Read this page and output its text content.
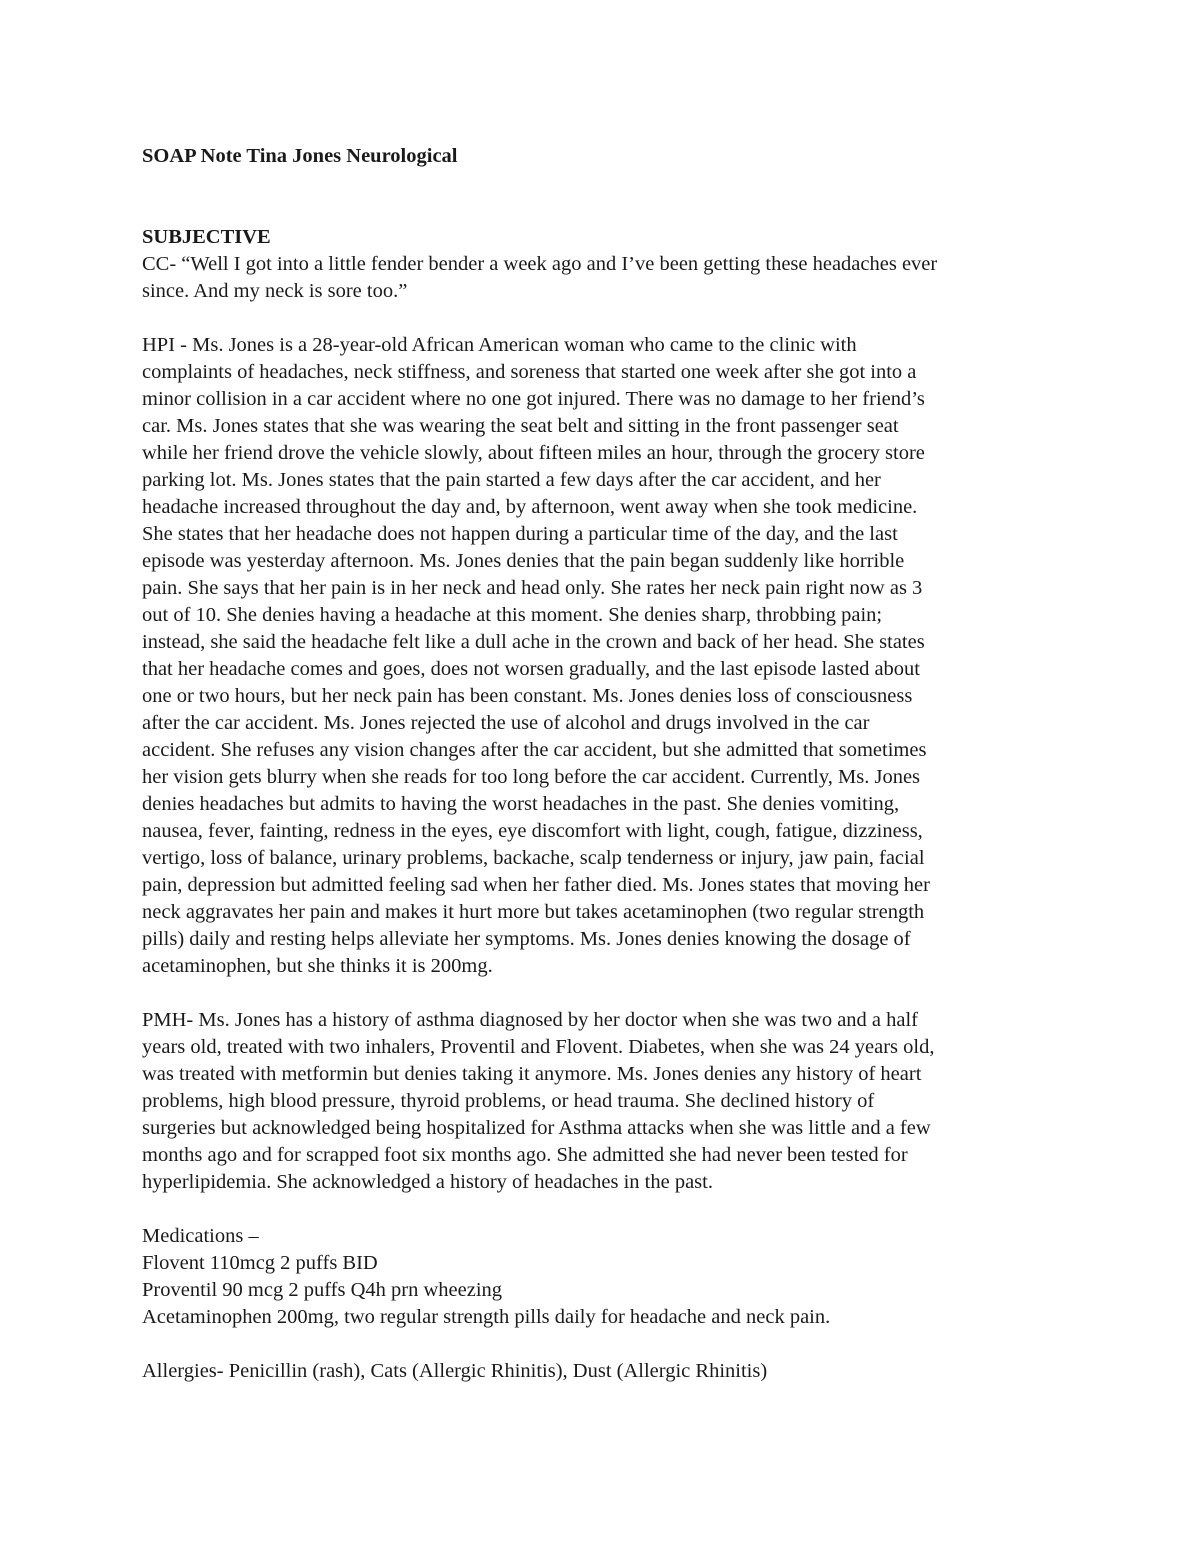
SOAP Note Tina Jones Neurological
SUBJECTIVE
CC- “Well I got into a little fender bender a week ago and I’ve been getting these headaches ever
since. And my neck is sore too.”
HPI - Ms. Jones is a 28-year-old African American woman who came to the clinic with
complaints of headaches, neck stiffness, and soreness that started one week after she got into a
minor collision in a car accident where no one got injured. There was no damage to her friend’s
car. Ms. Jones states that she was wearing the seat belt and sitting in the front passenger seat
while her friend drove the vehicle slowly, about fifteen miles an hour, through the grocery store
parking lot. Ms. Jones states that the pain started a few days after the car accident, and her
headache increased throughout the day and, by afternoon, went away when she took medicine.
She states that her headache does not happen during a particular time of the day, and the last
episode was yesterday afternoon. Ms. Jones denies that the pain began suddenly like horrible
pain. She says that her pain is in her neck and head only. She rates her neck pain right now as 3
out of 10. She denies having a headache at this moment. She denies sharp, throbbing pain;
instead, she said the headache felt like a dull ache in the crown and back of her head. She states
that her headache comes and goes, does not worsen gradually, and the last episode lasted about
one or two hours, but her neck pain has been constant. Ms. Jones denies loss of consciousness
after the car accident. Ms. Jones rejected the use of alcohol and drugs involved in the car
accident. She refuses any vision changes after the car accident, but she admitted that sometimes
her vision gets blurry when she reads for too long before the car accident. Currently, Ms. Jones
denies headaches but admits to having the worst headaches in the past. She denies vomiting,
nausea, fever, fainting, redness in the eyes, eye discomfort with light, cough, fatigue, dizziness,
vertigo, loss of balance, urinary problems, backache, scalp tenderness or injury, jaw pain, facial
pain, depression but admitted feeling sad when her father died. Ms. Jones states that moving her
neck aggravates her pain and makes it hurt more but takes acetaminophen (two regular strength
pills) daily and resting helps alleviate her symptoms. Ms. Jones denies knowing the dosage of
acetaminophen, but she thinks it is 200mg.
PMH- Ms. Jones has a history of asthma diagnosed by her doctor when she was two and a half
years old, treated with two inhalers, Proventil and Flovent. Diabetes, when she was 24 years old,
was treated with metformin but denies taking it anymore. Ms. Jones denies any history of heart
problems, high blood pressure, thyroid problems, or head trauma. She declined history of
surgeries but acknowledged being hospitalized for Asthma attacks when she was little and a few
months ago and for scrapped foot six months ago. She admitted she had never been tested for
hyperlipidemia. She acknowledged a history of headaches in the past.
Medications –
Flovent 110mcg 2 puffs BID
Proventil 90 mcg 2 puffs Q4h prn wheezing
Acetaminophen 200mg, two regular strength pills daily for headache and neck pain.
Allergies- Penicillin (rash), Cats (Allergic Rhinitis), Dust (Allergic Rhinitis)
